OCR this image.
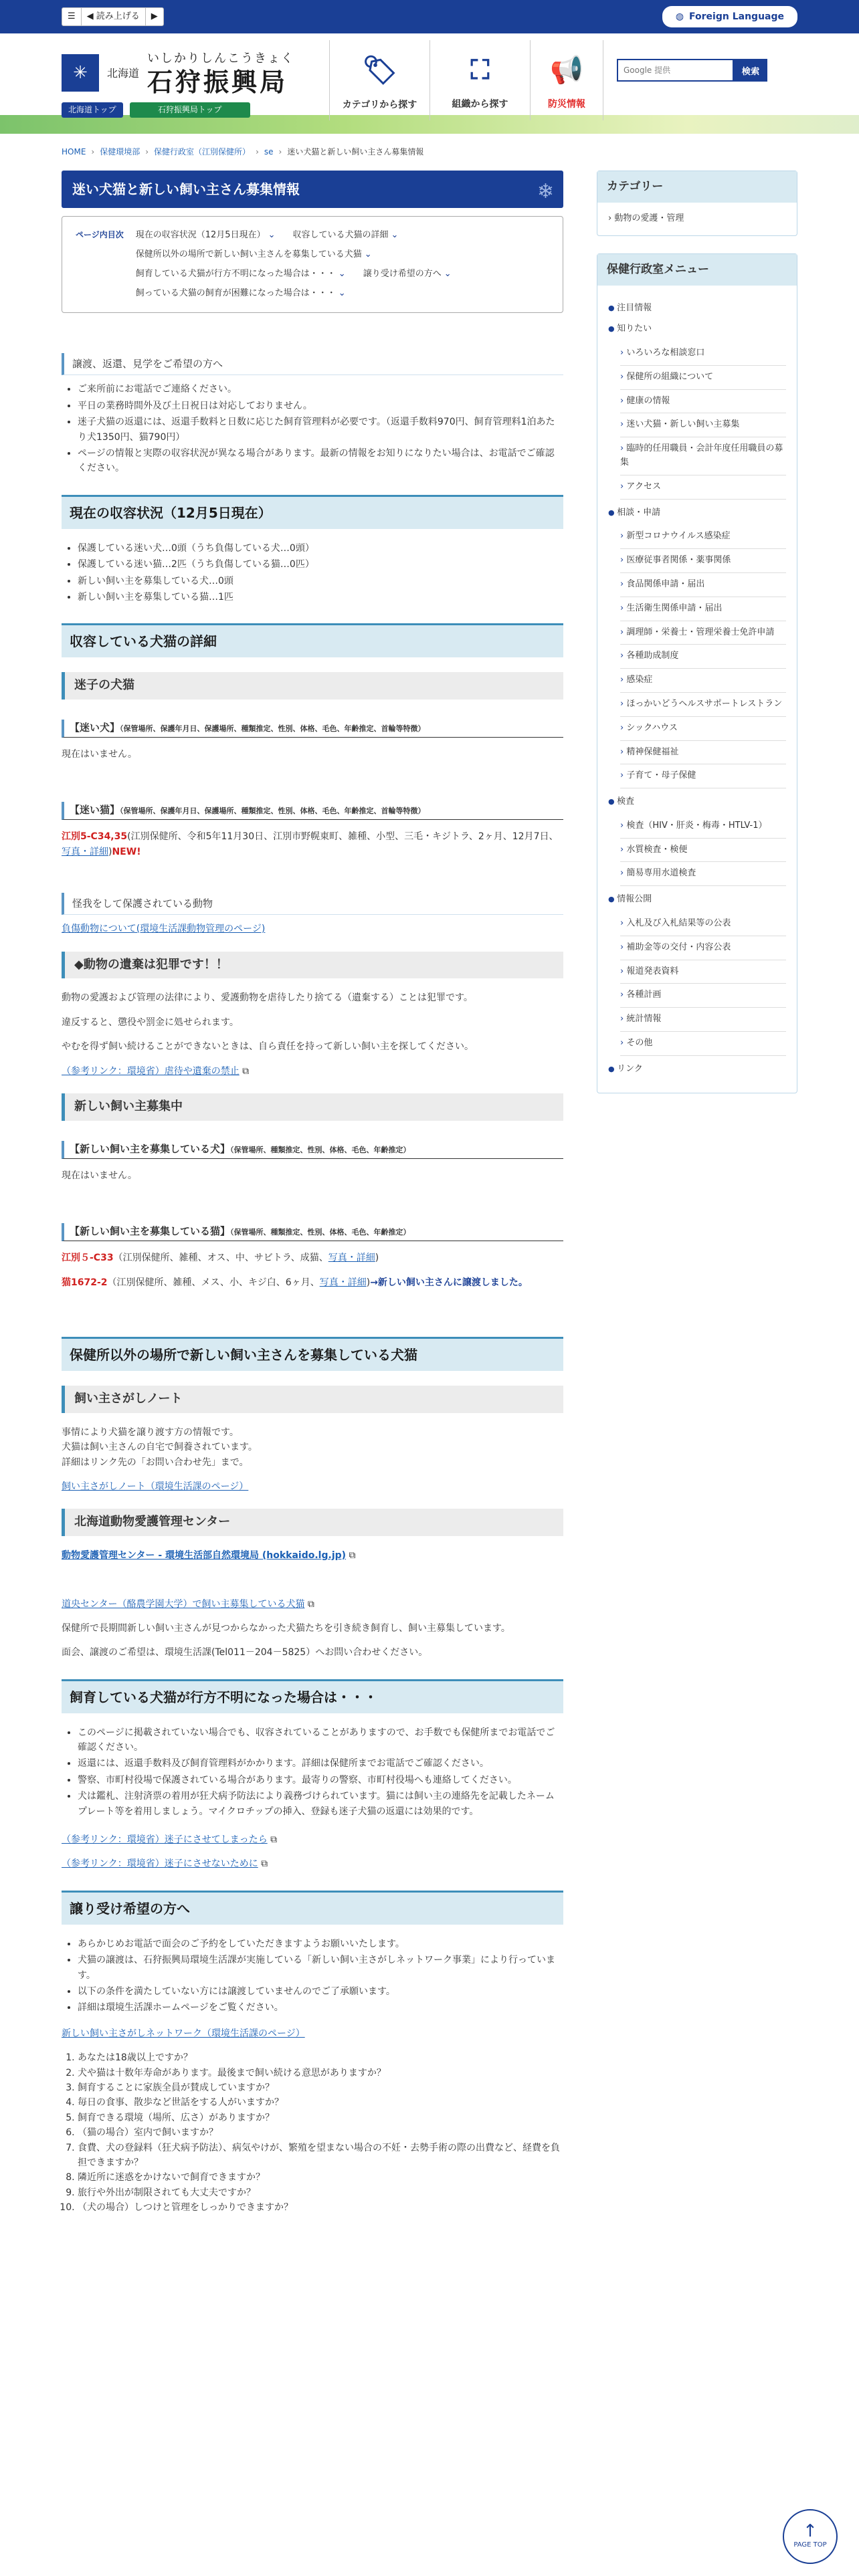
☰	◀ 読み上げる	▶	◍ Foreign Language
✳	北海道
いしかりしんこうきょく
石狩振興局
北海道トップ	石狩振興局トップ
🏷
カテゴリから探す
⛶
組織から探す
📢
防災情報
Google 提供
検索
HOME › 保健環境部 › 保健行政室（江別保健所） › se › 迷い犬猫と新しい飼い主さん募集情報
迷い犬猫と新しい飼い主さん募集情報	❄
ページ内目次 現在の収容状況（12月5日現在） ⌄	収容している犬猫の詳細 ⌄
保健所以外の場所で新しい飼い主さんを募集している犬猫 ⌄
飼育している犬猫が行方不明になった場合は・・・ ⌄	譲り受け希望の方へ ⌄
飼っている犬猫の飼育が困難になった場合は・・・ ⌄
譲渡、返還、見学をご希望の方へ
• ご来所前にお電話でご連絡ください。
• 平日の業務時間外及び土日祝日は対応しておりません。
• 迷子犬猫の返還には、返還手数料と日数に応じた飼育管理料が必要です。（返還手数料970円、飼育管理料1泊あたり犬1350円、猫790円）
• ページの情報と実際の収容状況が異なる場合があります。最新の情報をお知りになりたい場合は、お電話でご確認ください。
現在の収容状況（12月5日現在）
• 保護している迷い犬…0頭（うち負傷している犬…0頭）
• 保護している迷い猫…2匹（うち負傷している猫…0匹）
• 新しい飼い主を募集している犬…0頭
• 新しい飼い主を募集している猫…1匹
収容している犬猫の詳細
迷子の犬猫
【迷い犬】（保管場所、保護年月日、保護場所、種類推定、性別、体格、毛色、年齢推定、首輪等特徴）

現在はいません。

【迷い猫】（保管場所、保護年月日、保護場所、種類推定、性別、体格、毛色、年齢推定、首輪等特徴）

江別5-C34,35(江別保健所、令和5年11月30日、江別市野幌東町、雑種、小型、三毛・キジトラ、2ヶ月、12月7日、写真・詳細)NEW!

怪我をして保護されている動物

負傷動物について(環境生活課動物管理のページ)

◆動物の遺棄は犯罪です！！

動物の愛護および管理の法律により、愛護動物を虐待したり捨てる（遺棄する）ことは犯罪です。

違反すると、懲役や罰金に処せられます。

やむを得ず飼い続けることができないときは、自ら責任を持って新しい飼い主を探してください。

（参考リンク：環境省）虐待や遺棄の禁止 ⧉

新しい飼い主募集中
【新しい飼い主を募集している犬】（保管場所、種類推定、性別、体格、毛色、年齢推定）

現在はいません。

【新しい飼い主を募集している猫】（保管場所、種類推定、性別、体格、毛色、年齢推定）

江別５-C33（江別保健所、雑種、オス、中、サビトラ、成猫、写真・詳細)

猫1672-2（江別保健所、雑種、メス、小、キジ白、6ヶ月、写真・詳細)→新しい飼い主さんに譲渡しました。

保健所以外の場所で新しい飼い主さんを募集している犬猫
飼い主さがしノート

事情により犬猫を譲り渡す方の情報です。

犬猫は飼い主さんの自宅で飼養されています。

詳細はリンク先の「お問い合わせ先」まで。

飼い主さがしノート（環境生活課のページ）

北海道動物愛護管理センター

動物愛護管理センター - 環境生活部自然環境局 (hokkaido.lg.jp) ⧉

道央センター（酪農学園大学）で飼い主募集している犬猫 ⧉

保健所で長期間新しい飼い主さんが見つからなかった犬猫たちを引き続き飼育し、飼い主募集しています。

面会、譲渡のご希望は、環境生活課(Tel011－204－5825）へお問い合わせください。

飼育している犬猫が行方不明になった場合は・・・
• このページに掲載されていない場合でも、収容されていることがありますので、お手数でも保健所までお電話でご確認ください。
• 返還には、返還手数料及び飼育管理料がかかります。詳細は保健所までお電話でご確認ください。
• 警察、市町村役場で保護されている場合があります。最寄りの警察、市町村役場へも連絡してください。
• 犬は鑑札、注射済票の着用が狂犬病予防法により義務づけられています。猫には飼い主の連絡先を記載したネームプレート等を着用しましょう。マイクロチップの挿入、登録も迷子犬猫の返還には効果的です。

（参考リンク：環境省）迷子にさせてしまったら ⧉

（参考リンク：環境省）迷子にさせないために ⧉

譲り受け希望の方へ
• あらかじめお電話で面会のご予約をしていただきますようお願いいたします。
• 犬猫の譲渡は、石狩振興局環境生活課が実施している「新しい飼い主さがしネットワーク事業」により行っています。
• 以下の条件を満たしていない方には譲渡していませんのでご了承願います。
• 詳細は環境生活課ホームページをご覧ください。

新しい飼い主さがしネットワーク（環境生活課のページ）

1. あなたは18歳以上ですか？
2. 犬や猫は十数年寿命があります。最後まで飼い続ける意思がありますか？
3. 飼育することに家族全員が賛成していますか？
4. 毎日の食事、散歩など世話をする人がいますか？
5. 飼育できる環境（場所、広さ）がありますか？
6. （猫の場合）室内で飼いますか？
7. 食費、犬の登録料（狂犬病予防法）、病気やけが、繁殖を望まない場合の不妊・去勢手術の際の出費など、経費を負担できますか？
8. 隣近所に迷惑をかけないで飼育できますか？
9. 旅行や外出が制限されても大丈夫ですか？
10. （犬の場合）しつけと管理をしっかりできますか？
カテゴリー
› 動物の愛護・管理
保健行政室メニュー
● 注目情報
● 知りたい
› いろいろな相談窓口
› 保健所の組織について
› 健康の情報
› 迷い犬猫・新しい飼い主募集
› 臨時的任用職員・会計年度任用職員の募集
› アクセス
● 相談・申請
› 新型コロナウイルス感染症
› 医療従事者関係・薬事関係
› 食品関係申請・届出
› 生活衛生関係申請・届出
› 調理師・栄養士・管理栄養士免許申請
› 各種助成制度
› 感染症
› ほっかいどうヘルスサポートレストラン
› シックハウス
› 精神保健福祉
› 子育て・母子保健
● 検査
› 検査（HIV・肝炎・梅毒・HTLV-1）
› 水質検査・検便
› 簡易専用水道検査
● 情報公開
› 入札及び入札結果等の公表
› 補助金等の交付・内容公表
› 報道発表資料
› 各種計画
› 統計情報
› その他
● リンク
↑
PAGE TOP
